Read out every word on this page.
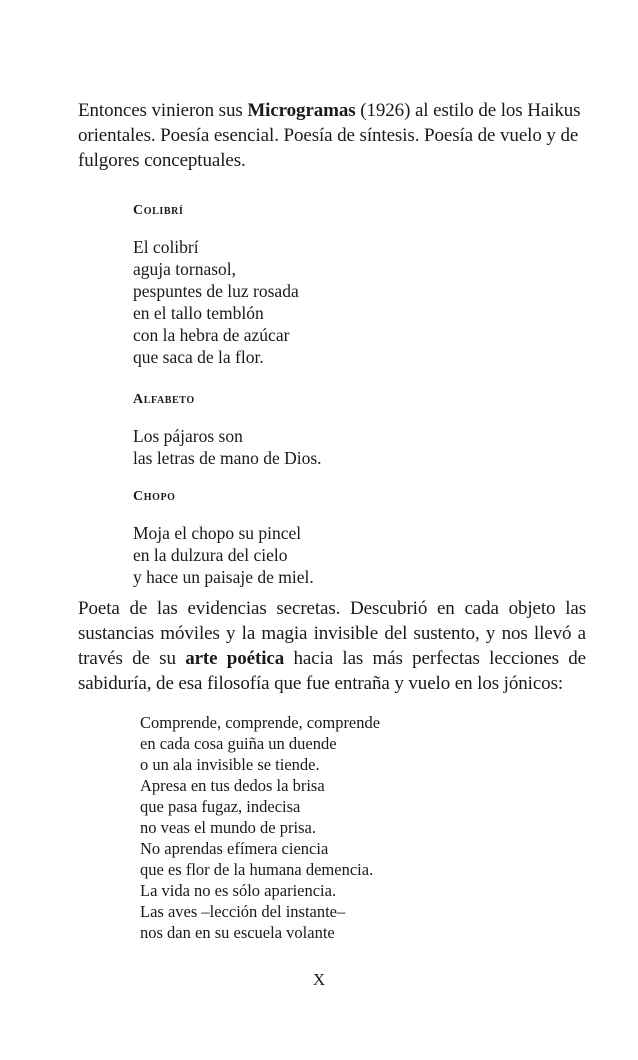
Entonces vinieron sus Microgramas (1926) al estilo de los Haikus orientales. Poesía esencial. Poesía de síntesis. Poesía de vuelo y de fulgores conceptuales.
Colibrí
El colibrí
aguja tornasol,
pespuntes de luz rosada
en el tallo temblón
con la hebra de azúcar
que saca de la flor.
Alfabeto
Los pájaros son
las letras de mano de Dios.
Chopo
Moja el chopo su pincel
en la dulzura del cielo
y hace un paisaje de miel.

Poeta de las evidencias secretas. Descubrió en cada objeto las sustancias móviles y la magia invisible del sustento, y nos llevó a través de su arte poética hacia las más perfectas lecciones de sabiduría, de esa filosofía que fue entraña y vuelo en los jónicos:

Comprende, comprende, comprende
en cada cosa guiña un duende
o un ala invisible se tiende.
Apresa en tus dedos la brisa
que pasa fugaz, indecisa
no veas el mundo de prisa.
No aprendas efímera ciencia
que es flor de la humana demencia.
La vida no es sólo apariencia.
Las aves –lección del instante–
nos dan en su escuela volante
X
